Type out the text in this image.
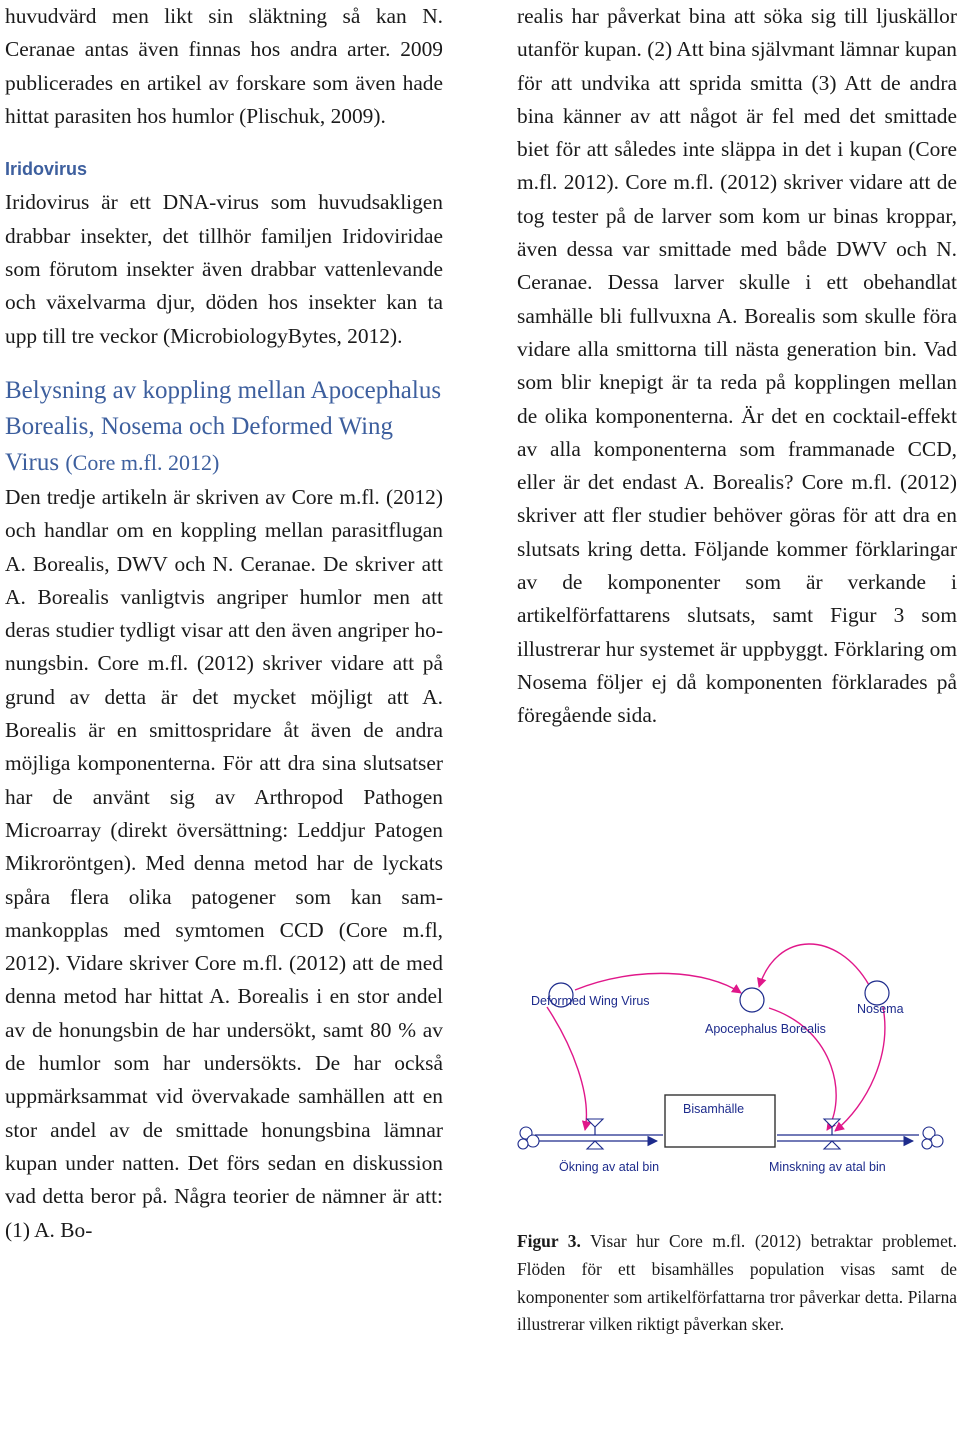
huvudvärd men likt sin släktning så kan N. Ceranae antas även finnas hos andra arter. 2009 publicerades en artikel av forskare som även hade hittat parasiten hos humlor (Plischuk, 2009).

Iridovirus

Iridovirus är ett DNA-virus som huvudsakligen drabbar insekter, det tillhör familjen Iridoviridae som förutom insekter även drabbar vattenlevande och växelvarma djur, döden hos insekter kan ta upp till tre veckor (MicrobiologyBytes, 2012).

Belysning av koppling mellan Apocephalus Borealis, Nosema och Deformed Wing Virus (Core m.fl. 2012)

Den tredje artikeln är skriven av Core m.fl. (2012) och handlar om en koppling mellan parasitflugan A. Borealis, DWV och N. Ceranae. De skriver att A. Borealis vanligtvis angriper humlor men att deras studier tydligt visar att den även angriper honungsbin. Core m.fl. (2012) skriver vidare att på grund av detta är det mycket möjligt att A. Borealis är en smittospridare åt även de andra möjliga komponenterna. För att dra sina slutsatser har de använt sig av Arthropod Pathogen Microarray (direkt översättning: Leddjur Patogen Mikroröntgen). Med denna metod har de lyckats spåra flera olika patogener som kan sammankopplas med symtomen CCD (Core m.fl, 2012). Vidare skriver Core m.fl. (2012) att de med denna metod har hittat A. Borealis i en stor andel av de honungsbin de har undersökt, samt 80 % av de humlor som har undersökts. De har också uppmärksammat vid övervakade samhällen att en stor andel av de smittade honungsbina lämnar kupan under natten. Det förs sedan en diskussion vad detta beror på. Några teorier de nämner är att: (1) A. Bo-

realis har påverkat bina att söka sig till ljuskällor utanför kupan. (2) Att bina självmant lämnar kupan för att undvika att sprida smitta (3) Att de andra bina känner av att något är fel med det smittade biet för att således inte släppa in det i kupan (Core m.fl. 2012). Core m.fl. (2012) skriver vidare att de tog tester på de larver som kom ur binas kroppar, även dessa var smittade med både DWV och N. Ceranae. Dessa larver skulle i ett obehandlat samhälle bli fullvuxna A. Borealis som skulle föra vidare alla smittorna till nästa generation bin. Vad som blir knepigt är ta reda på kopplingen mellan de olika komponenterna. Är det en cocktail-effekt av alla komponenterna som frammanade CCD, eller är det endast A. Borealis? Core m.fl. (2012) skriver att fler studier behöver göras för att dra en slutsats kring detta. Följande kommer förklaringar av de komponenter som är verkande i artikelförfattarens slutsats, samt Figur 3 som illustrerar hur systemet är uppbyggt. Förklaring om Nosema följer ej då komponenten förklarades på föregående sida.

Deformed Wing Virus
Apocephalus Borealis
Nosema
Bisamhälle
Ökning av atal bin	Minskning av atal bin

Figur 3. Visar hur Core m.fl. (2012) betraktar problemet. Flöden för ett bisamhälles population visas samt de komponenter som artikelförfattarna tror påverkar detta. Pilarna illustrerar vilken riktigt påverkan sker.
